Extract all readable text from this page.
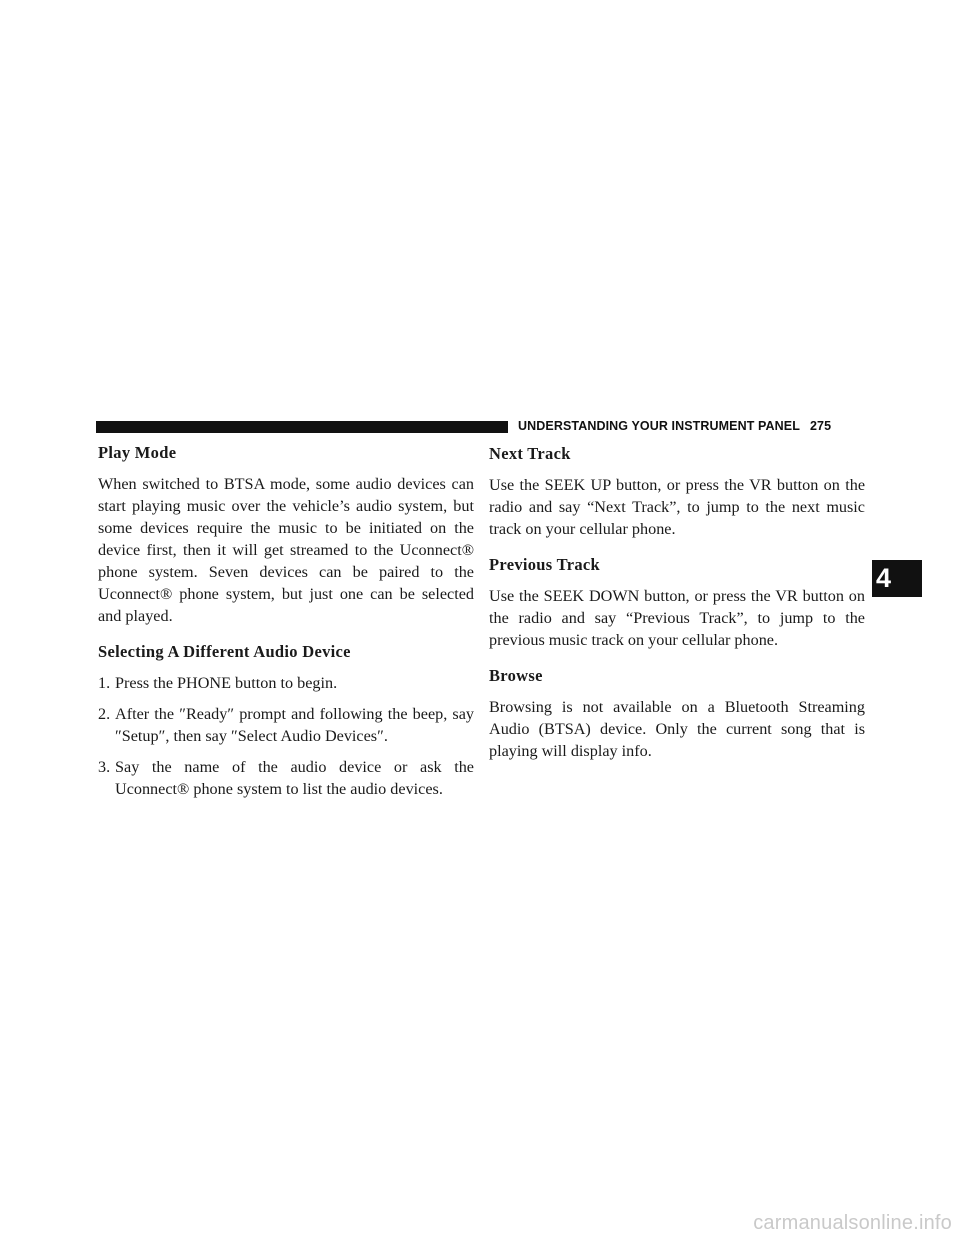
UNDERSTANDING YOUR INSTRUMENT PANEL 275
Play Mode

When switched to BTSA mode, some audio devices can start playing music over the vehicle’s audio system, but some devices require the music to be initiated on the device first, then it will get streamed to the Uconnect® phone system. Seven devices can be paired to the Uconnect® phone system, but just one can be selected and played.

Selecting A Different Audio Device
1. Press the PHONE button to begin.
2. After the ″Ready″ prompt and following the beep, say ″Setup″, then say ″Select Audio Devices″.
3. Say the name of the audio device or ask the Uconnect® phone system to list the audio devices.
Next Track

Use the SEEK UP button, or press the VR button on the radio and say “Next Track”, to jump to the next music track on your cellular phone.

Previous Track

Use the SEEK DOWN button, or press the VR button on the radio and say “Previous Track”, to jump to the previous music track on your cellular phone.

Browse

Browsing is not available on a Bluetooth Streaming Audio (BTSA) device. Only the current song that is playing will display info.

4
carmanualsonline.info
